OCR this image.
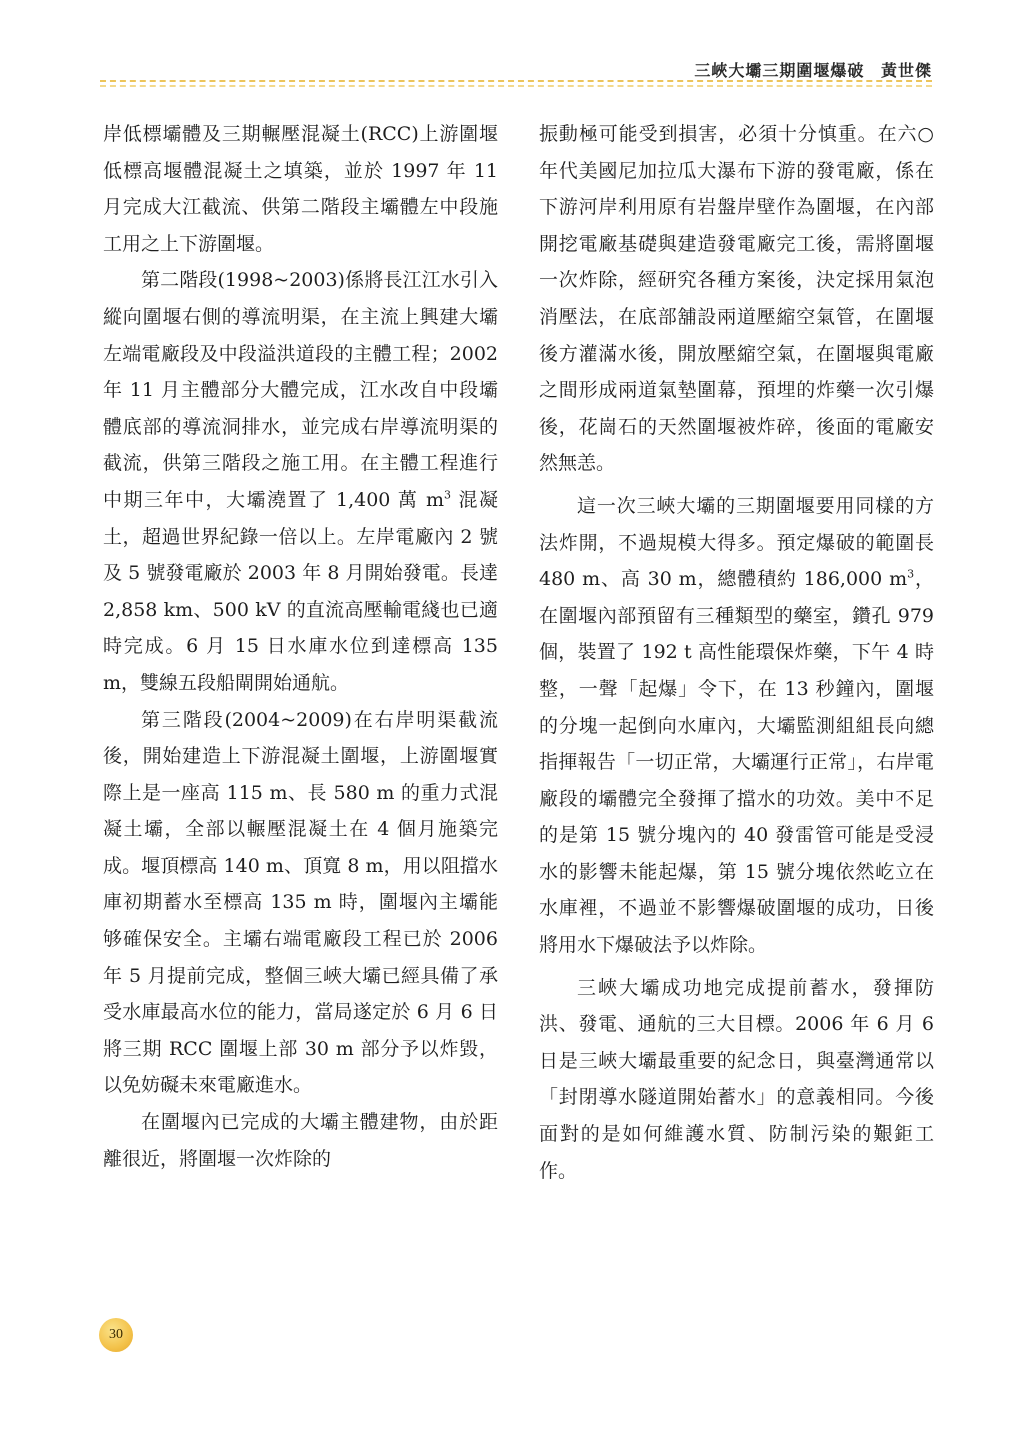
三峽大壩三期圍堰爆破 黃世傑

岸低標壩體及三期輾壓混凝土(RCC)上游圍堰低標高堰體混凝土之填築，並於 1997 年 11 月完成大江截流、供第二階段主壩體左中段施工用之上下游圍堰。

第二階段(1998~2003)係將長江江水引入縱向圍堰右側的導流明渠，在主流上興建大壩左端電廠段及中段溢洪道段的主體工程；2002 年 11 月主體部分大體完成，江水改自中段壩體底部的導流洞排水，並完成右岸導流明渠的截流，供第三階段之施工用。在主體工程進行中期三年中，大壩澆置了 1,400 萬 $m^3$ 混凝土，超過世界紀錄一倍以上。左岸電廠內 2 號及 5 號發電廠於 2003 年 8 月開始發電。長達 2,858 km、500 kV 的直流高壓輸電綫也已適時完成。6 月 15 日水庫水位到達標高 135 m，雙線五段船閘開始通航。

第三階段(2004~2009)在右岸明渠截流後，開始建造上下游混凝土圍堰，上游圍堰實際上是一座高 115 m、長 580 m 的重力式混凝土壩，全部以輾壓混凝土在 4 個月施築完成。堰頂標高 140 m、頂寬 8 m，用以阻擋水庫初期蓄水至標高 135 m 時，圍堰內主壩能够確保安全。主壩右端電廠段工程已於 2006 年 5 月提前完成，整個三峽大壩已經具備了承受水庫最高水位的能力，當局遂定於 6 月 6 日將三期 RCC 圍堰上部 30 m 部分予以炸毀，以免妨礙未來電廠進水。

在圍堰內已完成的大壩主體建物，由於距離很近，將圍堰一次炸除的

振動極可能受到損害，必須十分慎重。在六○年代美國尼加拉瓜大瀑布下游的發電廠，係在下游河岸利用原有岩盤岸壁作為圍堰，在內部開挖電廠基礎與建造發電廠完工後，需將圍堰一次炸除，經研究各種方案後，決定採用氣泡消壓法，在底部舖設兩道壓縮空氣管，在圍堰後方灌滿水後，開放壓縮空氣，在圍堰與電廠之間形成兩道氣墊圍幕，預埋的炸藥一次引爆後，花崗石的天然圍堰被炸碎，後面的電廠安然無恙。

這一次三峽大壩的三期圍堰要用同樣的方法炸開，不過規模大得多。預定爆破的範圍長 480 m、高 30 m，總體積約 186,000 $m^3$，在圍堰內部預留有三種類型的藥室，鑽孔 979 個，裝置了 192 t 高性能環保炸藥，下午 4 時整，一聲「起爆」令下，在 13 秒鐘內，圍堰的分塊一起倒向水庫內，大壩監測組組長向總指揮報告「一切正常，大壩運行正常」，右岸電廠段的壩體完全發揮了擋水的功效。美中不足的是第 15 號分塊內的 40 發雷管可能是受浸水的影響未能起爆，第 15 號分塊依然屹立在水庫裡，不過並不影響爆破圍堰的成功，日後將用水下爆破法予以炸除。

三峽大壩成功地完成提前蓄水，發揮防洪、發電、通航的三大目標。2006 年 6 月 6 日是三峽大壩最重要的紀念日，與臺灣通常以「封閉導水隧道開始蓄水」的意義相同。今後面對的是如何維護水質、防制污染的艱鉅工作。

30
